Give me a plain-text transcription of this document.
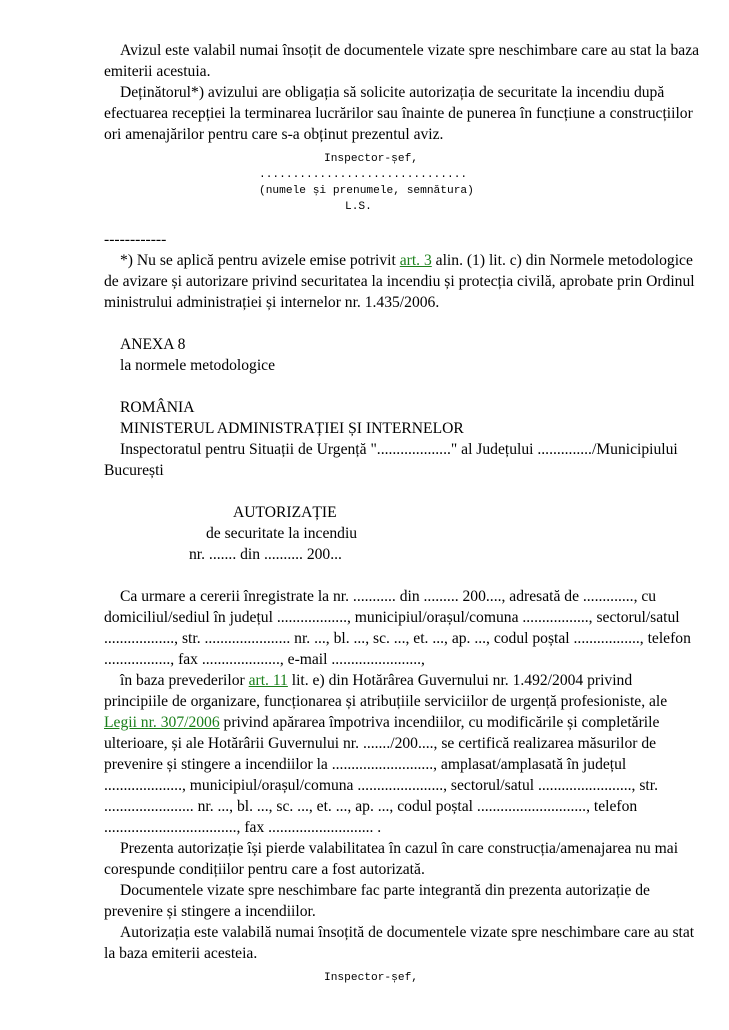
Avizul este valabil numai însoțit de documentele vizate spre neschimbare care au stat la baza emiterii acestuia.

Deținătorul*) avizului are obligația să solicite autorizația de securitate la incendiu după efectuarea recepției la terminarea lucrărilor sau înainte de punerea în funcțiune a construcțiilor ori amenajărilor pentru care s-a obținut prezentul aviz.

Inspector-șef,

...............................

(numele și prenumele, semnătura)

L.S.

------------

*) Nu se aplică pentru avizele emise potrivit art. 3 alin. (1) lit. c) din Normele metodologice de avizare și autorizare privind securitatea la incendiu și protecția civilă, aprobate prin Ordinul ministrului administrației și internelor nr. 1.435/2006.

ANEXA 8

la normele metodologice

ROMÂNIA

MINISTERUL ADMINISTRAȚIEI ȘI INTERNELOR

Inspectoratul pentru Situații de Urgență "..................." al Județului ............../Municipiului București

AUTORIZAȚIE

de securitate la incendiu

nr. ....... din .......... 200...

Ca urmare a cererii înregistrate la nr. ........... din ......... 200...., adresată de ............., cu domiciliul/sediul în județul .................., municipiul/orașul/comuna ................., sectorul/satul .................., str. ...................... nr. ..., bl. ..., sc. ..., et. ..., ap. ..., codul poștal ................., telefon ................., fax ...................., e-mail .......................,

în baza prevederilor art. 11 lit. e) din Hotărârea Guvernului nr. 1.492/2004 privind principiile de organizare, funcționarea și atribuțiile serviciilor de urgență profesioniste, ale Legii nr. 307/2006 privind apărarea împotriva incendiilor, cu modificările și completările ulterioare, și ale Hotărârii Guvernului nr. ......./200...., se certifică realizarea măsurilor de prevenire și stingere a incendiilor la .........................., amplasat/amplasată în județul ...................., municipiul/orașul/comuna ......................, sectorul/satul ........................, str. ....................... nr. ..., bl. ..., sc. ..., et. ..., ap. ..., codul poștal ............................, telefon .................................., fax ........................... .

Prezenta autorizație își pierde valabilitatea în cazul în care construcția/amenajarea nu mai corespunde condițiilor pentru care a fost autorizată.

Documentele vizate spre neschimbare fac parte integrantă din prezenta autorizație de prevenire și stingere a incendiilor.

Autorizația este valabilă numai însoțită de documentele vizate spre neschimbare care au stat la baza emiterii acesteia.

Inspector-șef,
